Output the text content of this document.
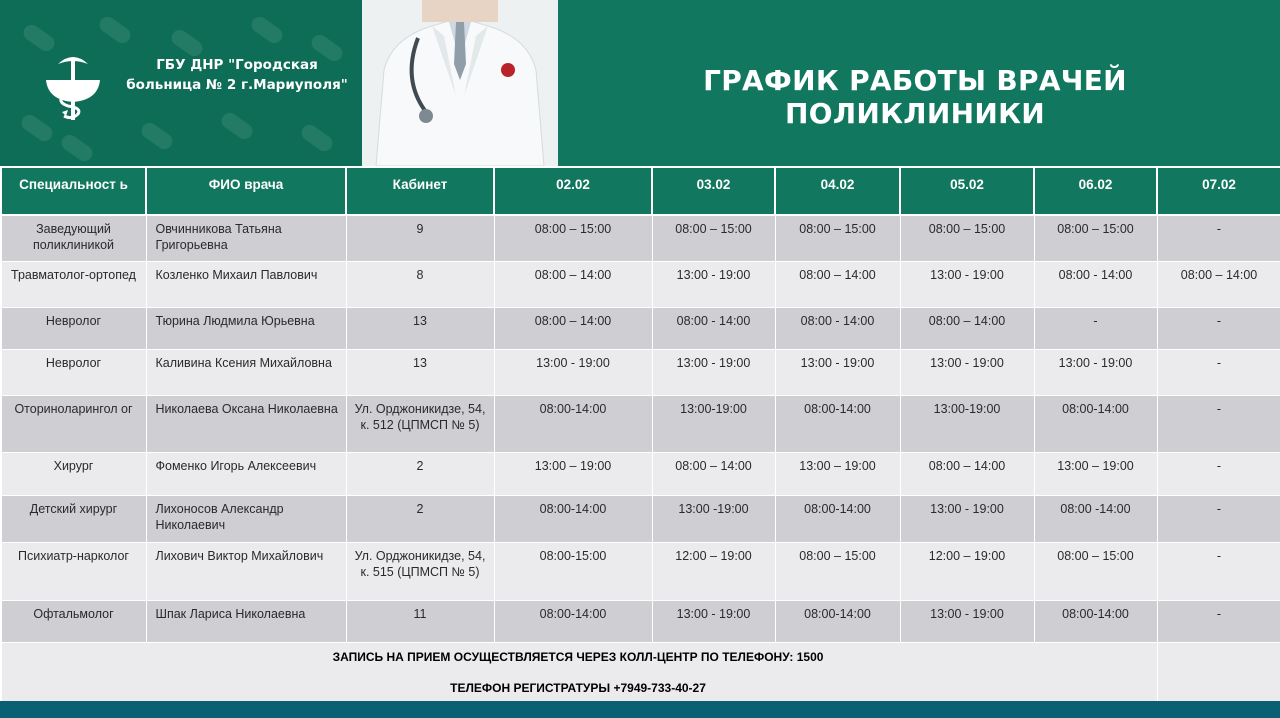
ГБУ ДНР "Городская
больница № 2 г.Мариуполя"	ГРАФИК РАБОТЫ ВРАЧЕЙ ПОЛИКЛИНИКИ
Специальност ь	ФИО врача	Кабинет	02.02	03.02	04.02	05.02	06.02	07.02
Заведующий поликлиникой	Овчинникова Татьяна Григорьевна	9	08:00 – 15:00	08:00 – 15:00	08:00 – 15:00	08:00 – 15:00	08:00 – 15:00	-
Травматолог-ортопед	Козленко Михаил Павлович	8	08:00 – 14:00	13:00 - 19:00	08:00 – 14:00	13:00 - 19:00	08:00 - 14:00	08:00 – 14:00
Невролог	Тюрина Людмила Юрьевна	13	08:00 – 14:00	08:00 - 14:00	08:00 - 14:00	08:00 – 14:00	-	-
Невролог	Каливина Ксения Михайловна	13	13:00 - 19:00	13:00 - 19:00	13:00 - 19:00	13:00 - 19:00	13:00 - 19:00	-
Оториноларингол ог	Николаева Оксана Николаевна	Ул. Орджоникидзе, 54, к. 512 (ЦПМСП № 5)	08:00-14:00	13:00-19:00	08:00-14:00	13:00-19:00	08:00-14:00	-
Хирург	Фоменко Игорь Алексеевич	2	13:00 – 19:00	08:00 – 14:00	13:00 – 19:00	08:00 – 14:00	13:00 – 19:00	-
Детский хирург	Лихоносов Александр Николаевич	2	08:00-14:00	13:00 -19:00	08:00-14:00	13:00 - 19:00	08:00 -14:00	-
Психиатр-нарколог	Лихович Виктор Михайлович	Ул. Орджоникидзе, 54, к. 515 (ЦПМСП № 5)	08:00-15:00	12:00 – 19:00	08:00 – 15:00	12:00 – 19:00	08:00 – 15:00	-
Офтальмолог	Шпак Лариса Николаевна	11	08:00-14:00	13:00 - 19:00	08:00-14:00	13:00 - 19:00	08:00-14:00	-

ЗАПИСЬ НА ПРИЕМ ОСУЩЕСТВЛЯЕТСЯ ЧЕРЕЗ КОЛЛ-ЦЕНТР ПО ТЕЛЕФОНУ: 1500
ТЕЛЕФОН РЕГИСТРАТУРЫ +7949-733-40-27
